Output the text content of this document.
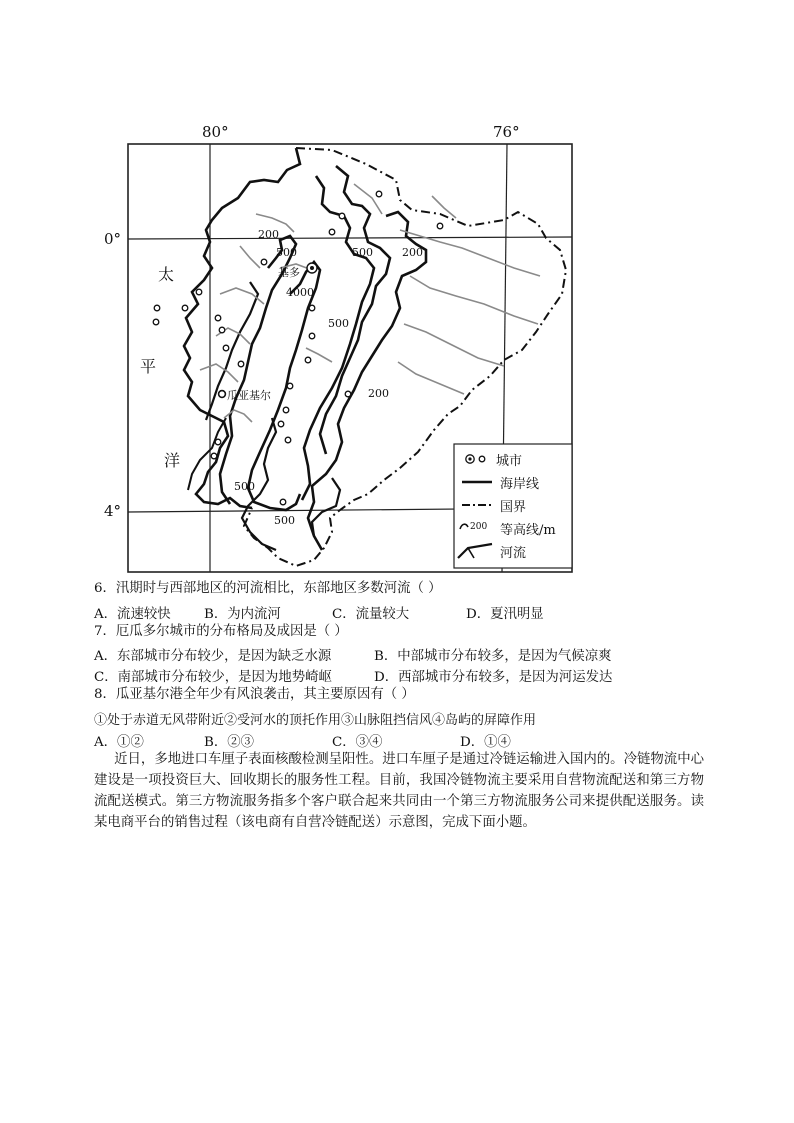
80°	76°
0°
4°
太
平
洋
基多
瓜亚基尔
200
500	500	200
4000
500
200
500
500
城市
海岸线
国界
200 等高线/m
河流
6．汛期时与西部地区的河流相比，东部地区多数河流（ ）
A．流速较快 B．为内流河	C．流量较大	D．夏汛明显
7．厄瓜多尔城市的分布格局及成因是（ ）
A．东部城市分布较少，是因为缺乏水源	B．中部城市分布较多，是因为气候凉爽
C．南部城市分布较少，是因为地势崎岖	D．西部城市分布较多，是因为河运发达
8．瓜亚基尔港全年少有风浪袭击，其主要原因有（ ）
①处于赤道无风带附近②受河水的顶托作用③山脉阻挡信风④岛屿的屏障作用
A．①②	B．②③	C．③④	D．①④
近日，多地进口车厘子表面核酸检测呈阳性。进口车厘子是通过冷链运输进入国内的。冷链物流中心建设是一项投资巨大、回收期长的服务性工程。目前，我国冷链物流主要采用自营物流配送和第三方物流配送模式。第三方物流服务指多个客户联合起来共同由一个第三方物流服务公司来提供配送服务。读某电商平台的销售过程（该电商有自营冷链配送）示意图，完成下面小题。
